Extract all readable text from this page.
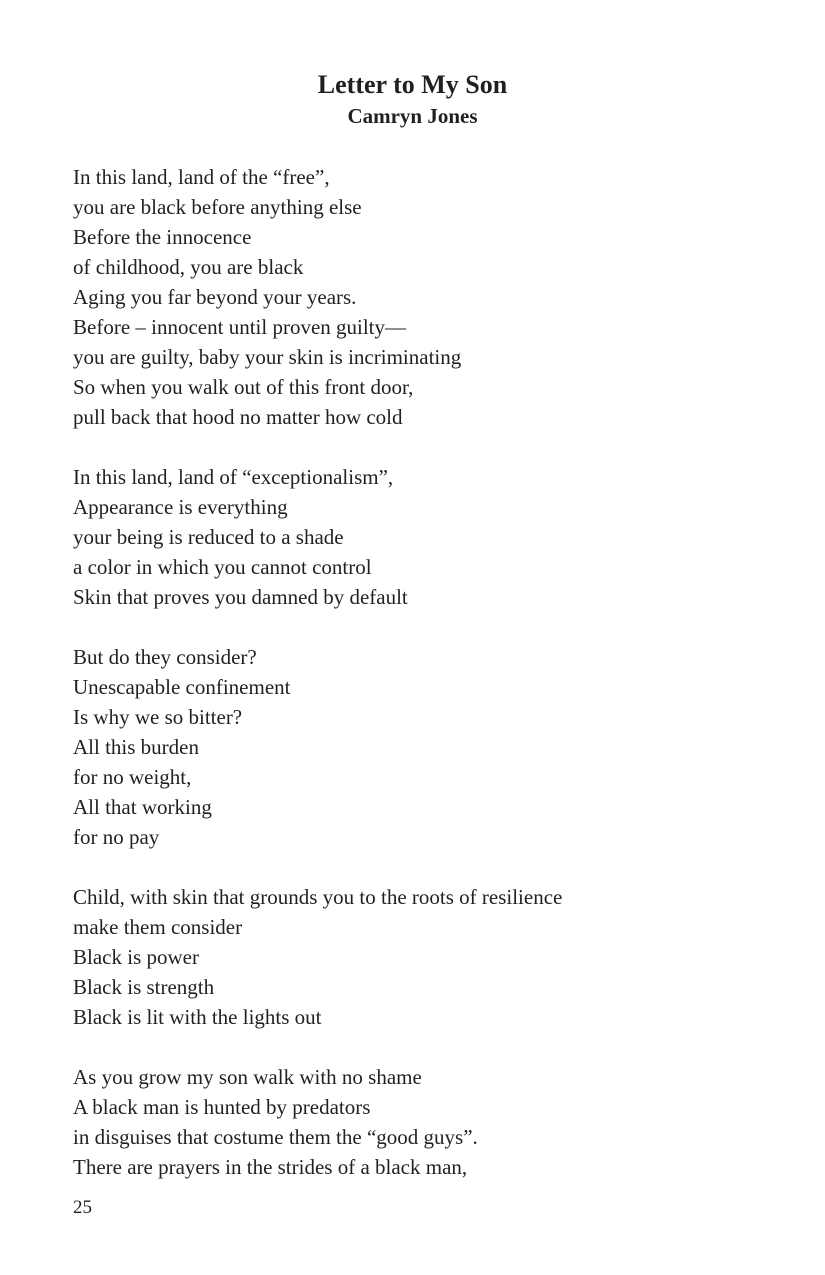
Letter to My Son
Camryn Jones
In this land, land of the “free”,
you are black before anything else
Before the innocence
of childhood, you are black
Aging you far beyond your years.
Before – innocent until proven guilty—
you are guilty, baby your skin is incriminating
So when you walk out of this front door,
pull back that hood no matter how cold
In this land, land of “exceptionalism”,
Appearance is everything
your being is reduced to a shade
a color in which you cannot control
Skin that proves you damned by default
But do they consider?
Unescapable confinement
Is why we so bitter?
All this burden
for no weight,
All that working
for no pay
Child, with skin that grounds you to the roots of resilience
make them consider
Black is power
Black is strength
Black is lit with the lights out
As you grow my son walk with no shame
A black man is hunted by predators
in disguises that costume them the “good guys”.
There are prayers in the strides of a black man,
25
